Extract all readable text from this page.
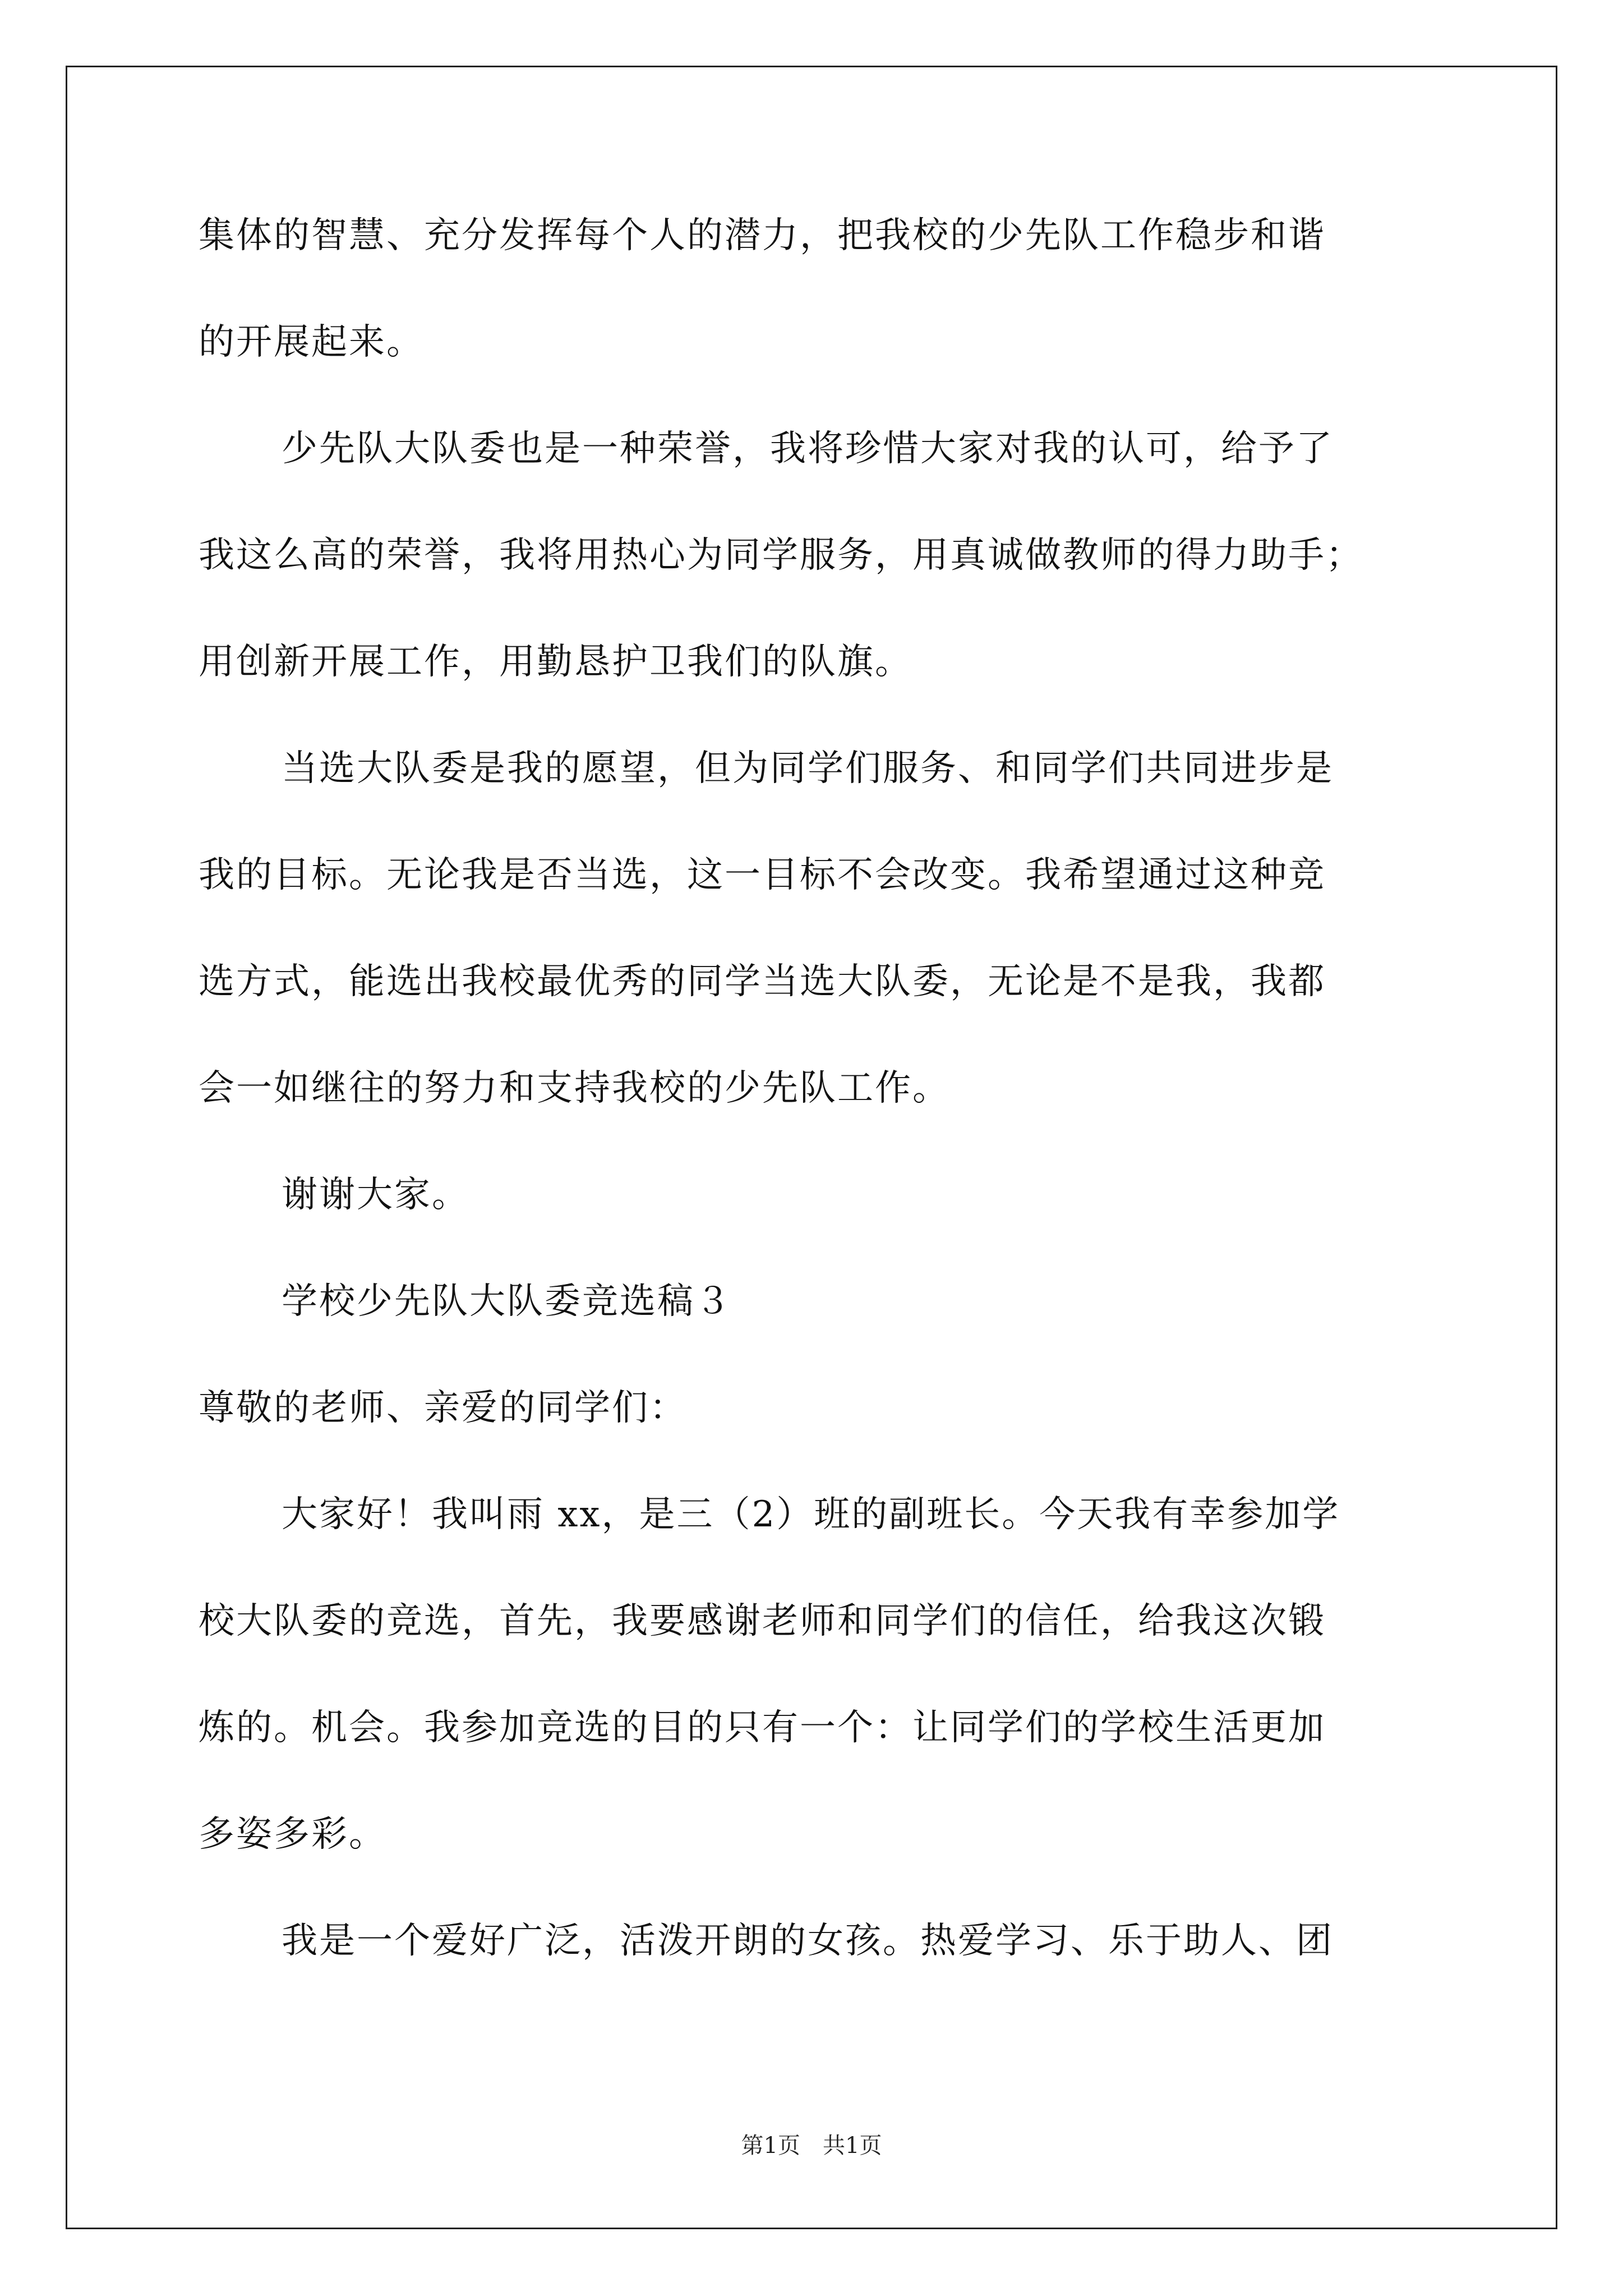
集体的智慧、充分发挥每个人的潜力，把我校的少先队工作稳步和谐
的开展起来。
少先队大队委也是一种荣誉，我将珍惜大家对我的认可，给予了
我这么高的荣誉，我将用热心为同学服务，用真诚做教师的得力助手；
用创新开展工作，用勤恳护卫我们的队旗。
当选大队委是我的愿望，但为同学们服务、和同学们共同进步是
我的目标。无论我是否当选，这一目标不会改变。我希望通过这种竞
选方式，能选出我校最优秀的同学当选大队委，无论是不是我，我都
会一如继往的努力和支持我校的少先队工作。
谢谢大家。
学校少先队大队委竞选稿３
尊敬的老师、亲爱的同学们：
大家好！我叫雨 xx，是三（2）班的副班长。今天我有幸参加学
校大队委的竞选，首先，我要感谢老师和同学们的信任，给我这次锻
炼的。机会。我参加竞选的目的只有一个：让同学们的学校生活更加
多姿多彩。
我是一个爱好广泛，活泼开朗的女孩。热爱学习、乐于助人、团
第1页　共1页
